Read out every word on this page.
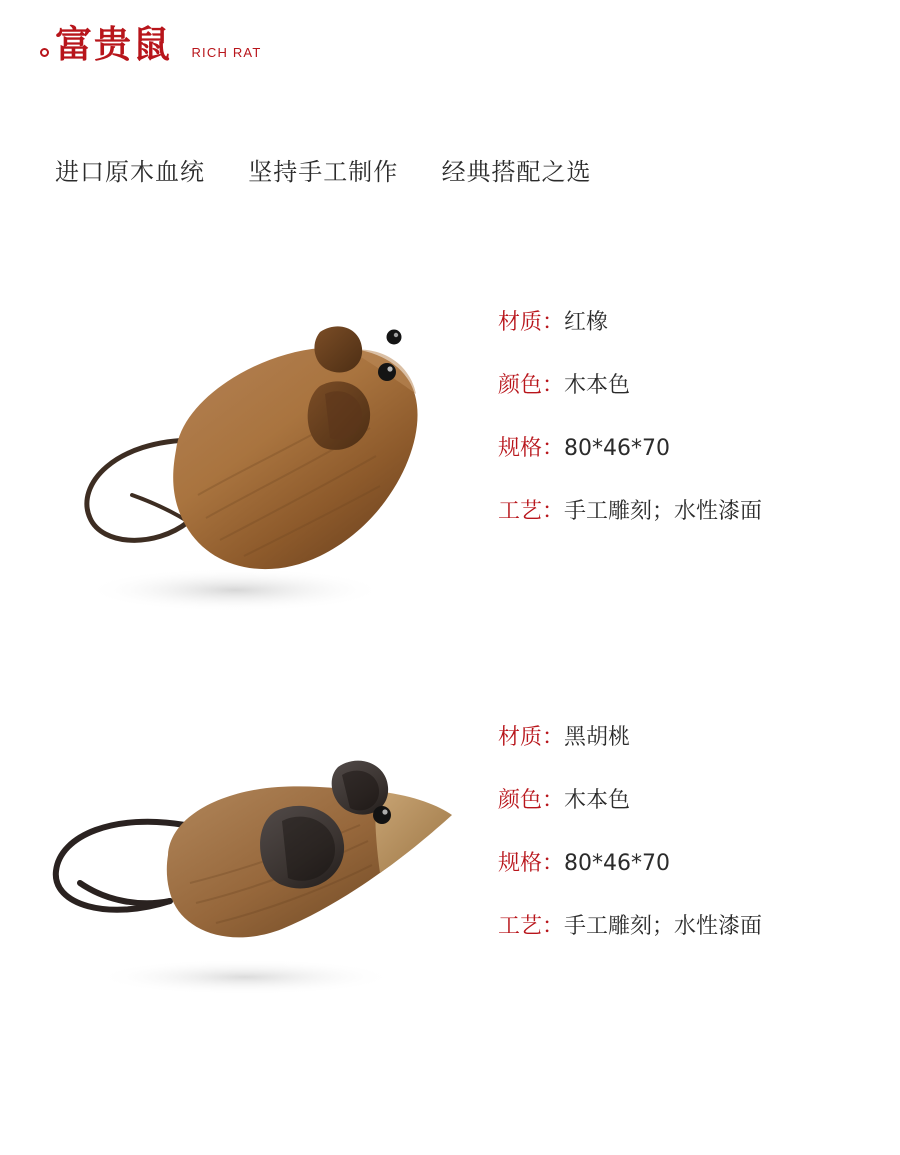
富贵鼠 RICH RAT
进口原木血统 坚持手工制作 经典搭配之选
材质：红橡
颜色：木本色
规格：80*46*70
工艺：手工雕刻；水性漆面
材质：黑胡桃
颜色：木本色
规格：80*46*70
工艺：手工雕刻；水性漆面
